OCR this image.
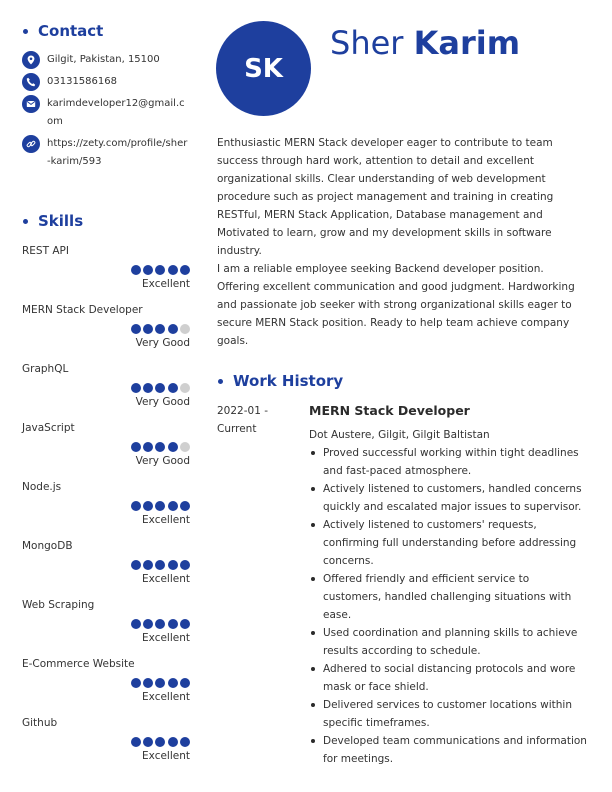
Contact
Gilgit, Pakistan, 15100
03131586168
karimdeveloper12@gmail.com
https://zety.com/profile/sher-karim/593
Skills
REST API
Excellent
MERN Stack Developer
Very Good
GraphQL
Very Good
JavaScript
Very Good
Node.js
Excellent
MongoDB
Excellent
Web Scraping
Excellent
E-Commerce Website
Excellent
Github
Excellent
SK
Sher Karim

Enthusiastic MERN Stack developer eager to contribute to team success through hard work, attention to detail and excellent organizational skills. Clear understanding of web development procedure such as project management and training in creating RESTful, MERN Stack Application, Database management and Motivated to learn, grow and my development skills in software industry.

I am a reliable employee seeking Backend developer position. Offering excellent communication and good judgment. Hardworking and passionate job seeker with strong organizational skills eager to secure MERN Stack position. Ready to help team achieve company goals.

Work History
2022-01 -
Current
MERN Stack Developer
Dot Austere, Gilgit, Gilgit Baltistan
Proved successful working within tight deadlines and fast-paced atmosphere.
Actively listened to customers, handled concerns quickly and escalated major issues to supervisor.
Actively listened to customers' requests, confirming full understanding before addressing concerns.
Offered friendly and efficient service to customers, handled challenging situations with ease.
Used coordination and planning skills to achieve results according to schedule.
Adhered to social distancing protocols and wore mask or face shield.
Delivered services to customer locations within specific timeframes.
Developed team communications and information for meetings.
